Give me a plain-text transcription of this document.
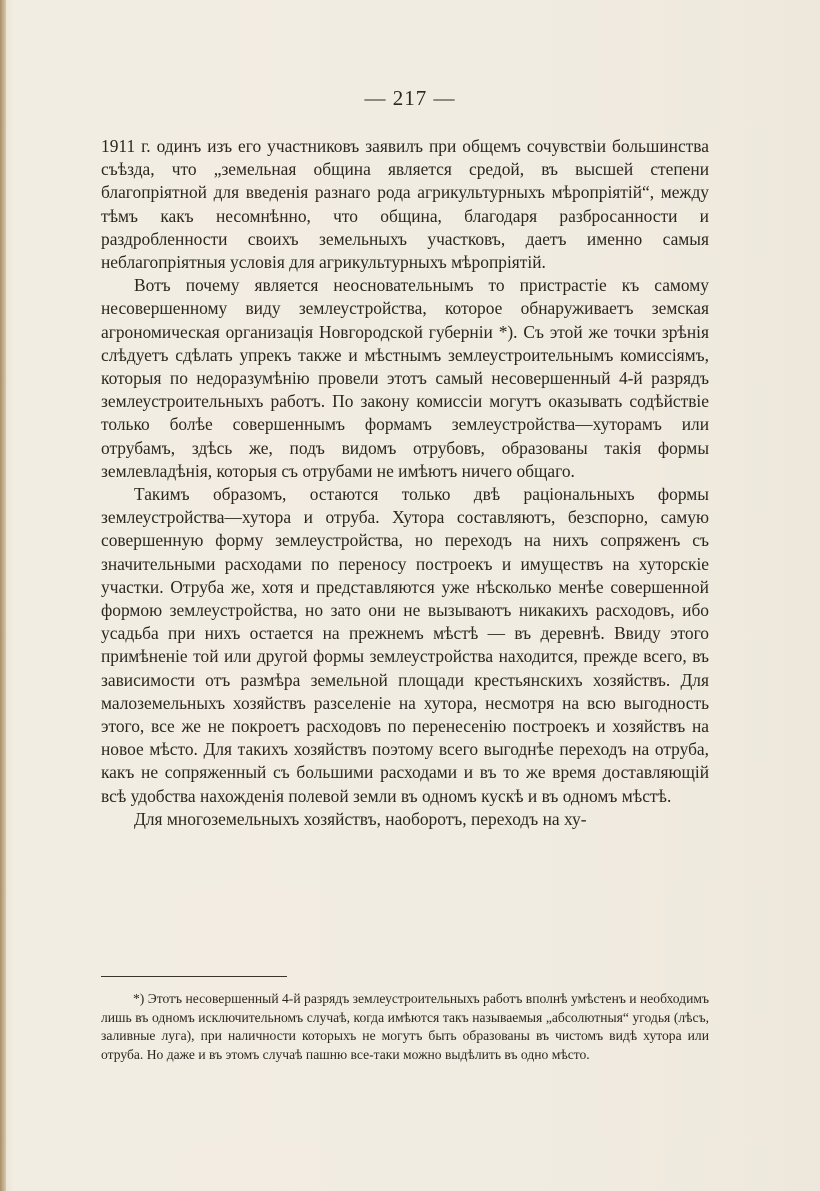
— 217 —

1911 г. одинъ изъ его участниковъ заявилъ при общемъ сочувствіи большинства съѣзда, что „земельная община является средой, въ высшей степени благопріятной для введенія разнаго рода агрикультурныхъ мѣропріятій“, между тѣмъ какъ несомнѣнно, что община, благодаря разбросанности и раздробленности своихъ земельныхъ участковъ, даетъ именно самыя неблагопріятныя условія для агрикультурныхъ мѣропріятій.

Вотъ почему является неосновательнымъ то пристрастіе къ самому несовершенному виду землеустройства, которое обнаруживаетъ земская агрономическая организація Новгородской губерніи *). Съ этой же точки зрѣнія слѣдуетъ сдѣлать упрекъ также и мѣстнымъ землеустроительнымъ комиссіямъ, которыя по недоразумѣнію провели этотъ самый несовершенный 4-й разрядъ землеустроительныхъ работъ. По закону комиссіи могутъ оказывать содѣйствіе только болѣе совершеннымъ формамъ землеустройства—хуторамъ или отрубамъ, здѣсь же, подъ видомъ отрубовъ, образованы такія формы землевладѣнія, которыя съ отрубами не имѣютъ ничего общаго.

Такимъ образомъ, остаются только двѣ раціональныхъ формы землеустройства—хутора и отруба. Хутора составляютъ, безспорно, самую совершенную форму землеустройства, но переходъ на нихъ сопряженъ съ значительными расходами по переносу построекъ и имуществъ на хуторскіе участки. Отруба же, хотя и представляются уже нѣсколько менѣе совершенной формою землеустройства, но зато они не вызываютъ никакихъ расходовъ, ибо усадьба при нихъ остается на прежнемъ мѣстѣ — въ деревнѣ. Ввиду этого примѣненіе той или другой формы землеустройства находится, прежде всего, въ зависимости отъ размѣра земельной площади крестьянскихъ хозяйствъ. Для малоземельныхъ хозяйствъ разселеніе на хутора, несмотря на всю выгодность этого, все же не покроетъ расходовъ по перенесенію построекъ и хозяйствъ на новое мѣсто. Для такихъ хозяйствъ поэтому всего выгоднѣе переходъ на отруба, какъ не сопряженный съ большими расходами и въ то же время доставляющій всѣ удобства нахожденія полевой земли въ одномъ кускѣ и въ одномъ мѣстѣ.

Для многоземельныхъ хозяйствъ, наоборотъ, переходъ на ху-

*) Этотъ несовершенный 4-й разрядъ землеустроительныхъ работъ вполнѣ умѣстенъ и необходимъ лишь въ одномъ исключительномъ случаѣ, когда имѣются такъ называемыя „абсолютныя“ угодья (лѣсъ, заливные луга), при наличности которыхъ не могутъ быть образованы въ чистомъ видѣ хутора или отруба. Но даже и въ этомъ случаѣ пашню все-таки можно выдѣлить въ одно мѣсто.
